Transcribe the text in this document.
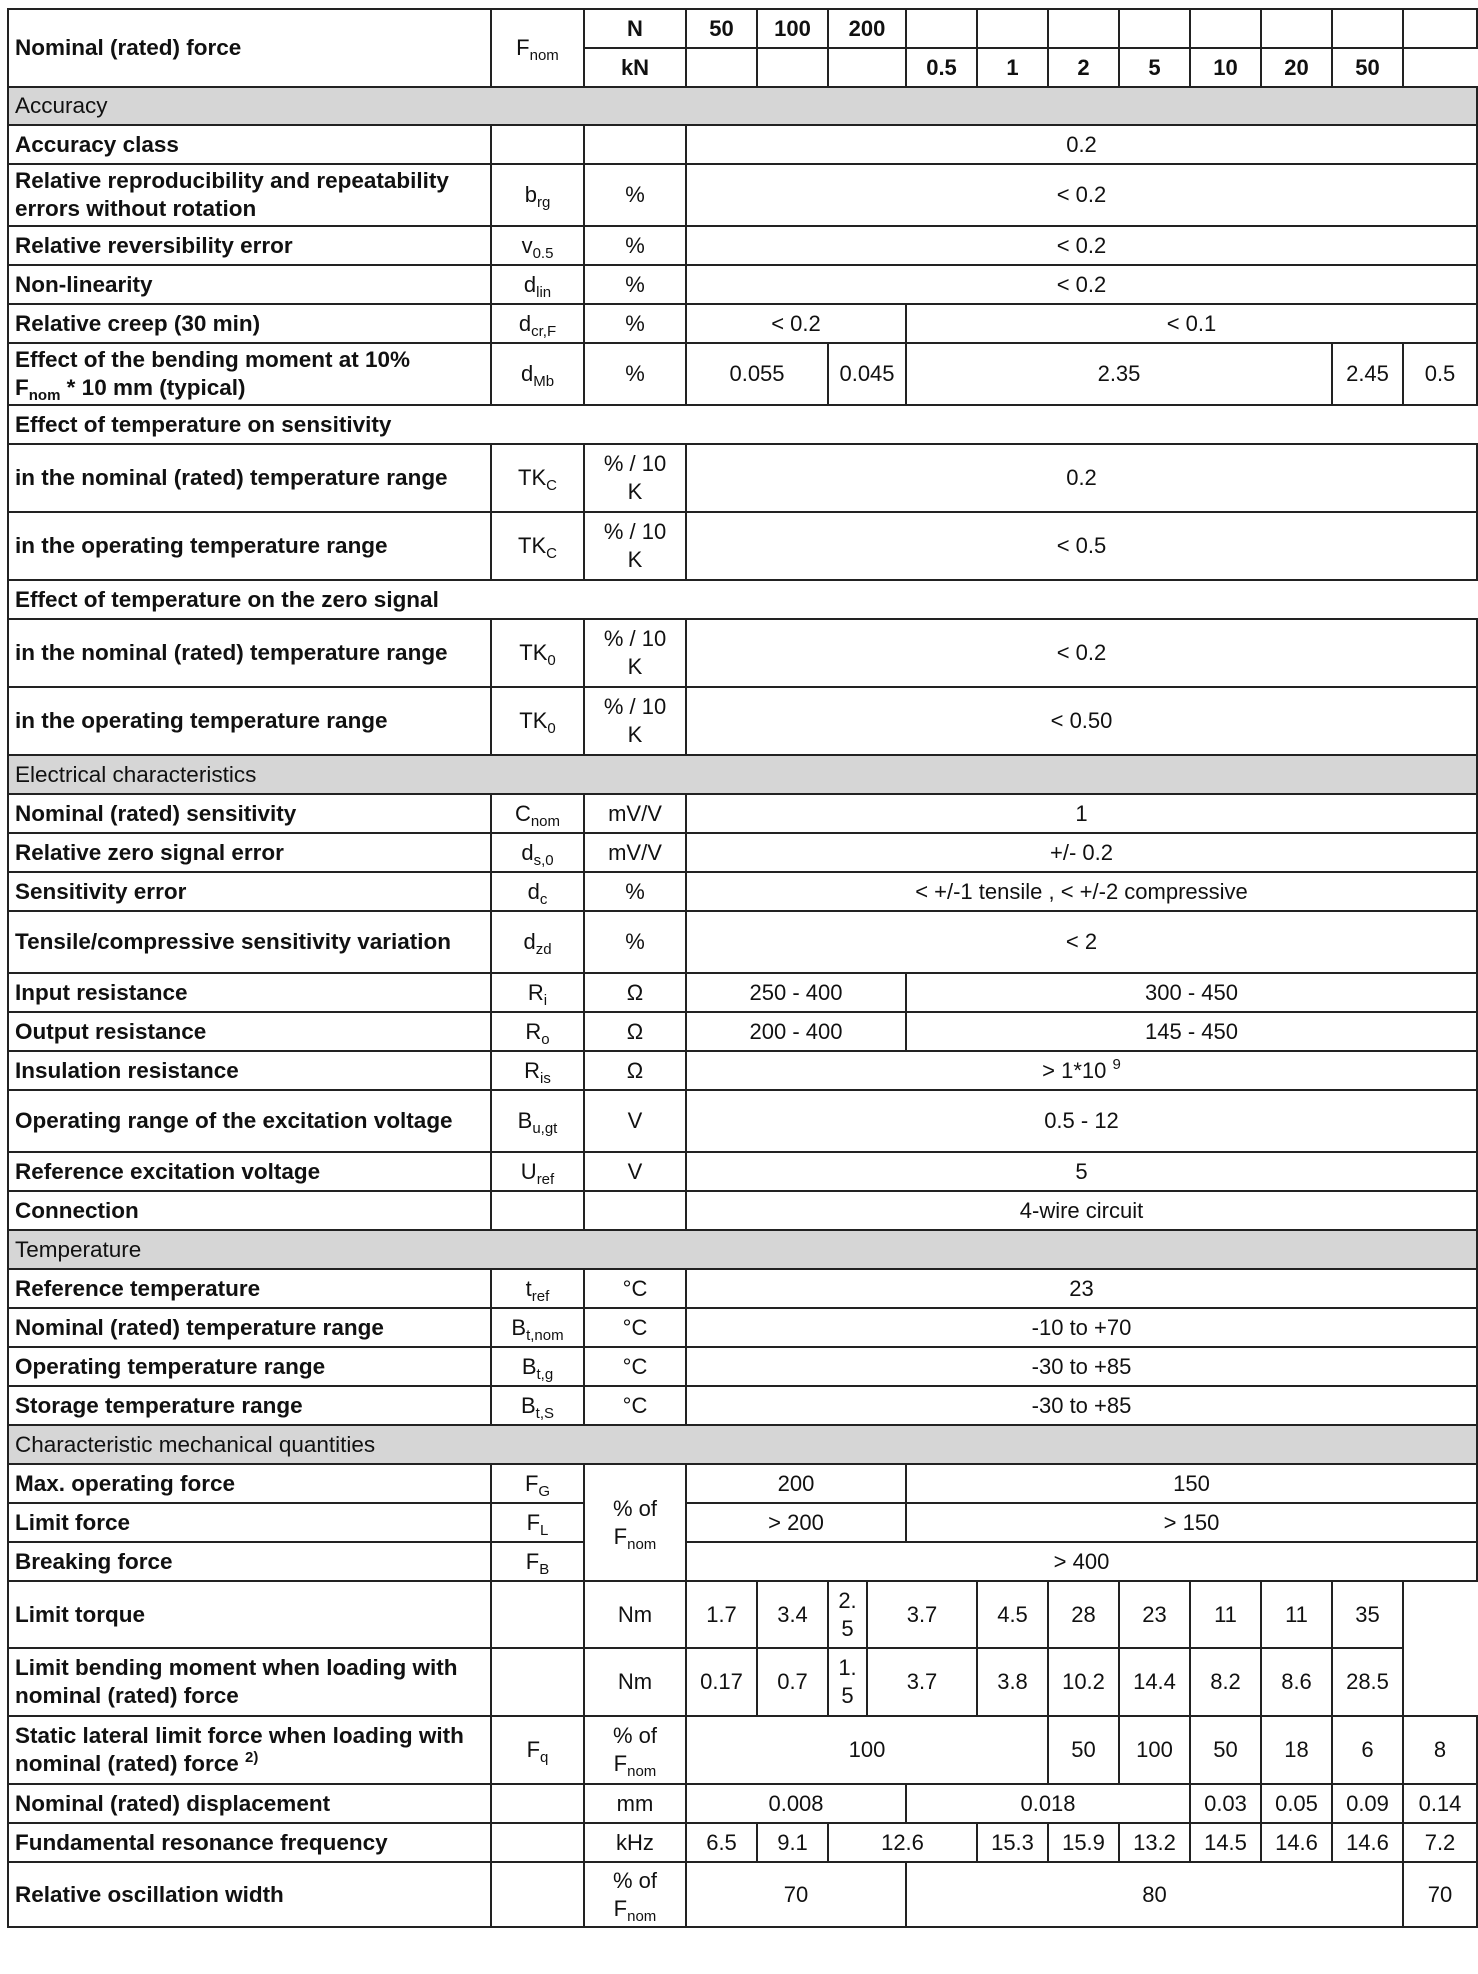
Nominal (rated) force	$F_{nom}$	N	50	100	200									
		kN					0.5	1	2	5	10	20	50	
Accuracy														
Accuracy class			0.2											
Relative reproducibility and repeatability errors without rotation	$b_{rg}$	%	< 0.2											
Relative reversibility error	$v_{0.5}$	%	< 0.2											
Non-linearity	$d_{lin}$	%	< 0.2											
Relative creep (30 min)	$d_{cr,F}$	%	< 0.2				< 0.1							
Effect of the bending moment at 10%
$F_{nom} * 10$ mm (typical)	$d_{Mb}$	%	0.055		0.045		2.35						2.45	0.5
Effect of temperature on sensitivity														
in the nominal (rated) temperature range	$TK_C$	% / 10
K	0.2											
in the operating temperature range	$TK_C$	% / 10
K	< 0.5											
Effect of temperature on the zero signal														
in the nominal (rated) temperature range	$TK_0$	% / 10
K	< 0.2											
in the operating temperature range	$TK_0$	% / 10
K	< 0.50											
Electrical characteristics														
Nominal (rated) sensitivity	$C_{nom}$	mV/V	1											
Relative zero signal error	$d_{s,0}$	mV/V	+/- 0.2											
Sensitivity error	$d_c$	%	< +/-1 tensile , < +/-2 compressive											
Tensile/compressive sensitivity variation	$d_{zd}$	%	< 2											
Input resistance	$R_i$	Ω	250 - 400				300 - 450							
Output resistance	$R_o$	Ω	200 - 400				145 - 450							
Insulation resistance	$R_{is}$	Ω	> 1*10 $^9$
Operating range of the excitation voltage	$B_{u,gt}$	V	0.5 - 12											
Reference excitation voltage	$U_{ref}$	V	5											
Connection			4-wire circuit											
Temperature														
Reference temperature	$t_{ref}$	°C	23											
Nominal (rated) temperature range	$B_{t,nom}$	°C	-10 to +70											
Operating temperature range	$B_{t,g}$	°C	-30 to +85											
Storage temperature range	$B_{t,S}$	°C	-30 to +85											
Characteristic mechanical quantities														
Max. operating force	$F_G$	% of
$F_{nom}$	200				150							
Limit force	$F_L$		> 200				> 150							
Breaking force	$F_B$		> 400											
Limit torque		Nm	1.7	3.4	2.
5	3.7		4.5	28	23	11	11	35	
Limit bending moment when loading with nominal (rated) force		Nm	0.17	0.7	1.
5	3.7		3.8	10.2	14.4	8.2	8.6	28.5	
Static lateral limit force when loading with nominal (rated) force $^{2)}$	$F_q$	% of
$F_{nom}$	100						50	100	50	18	6	8
Nominal (rated) displacement		mm	0.008				0.018				0.03	0.05	0.09	0.14
Fundamental resonance frequency		kHz	6.5	9.1	12.6			15.3	15.9	13.2	14.5	14.6	14.6	7.2
Relative oscillation width		% of
$F_{nom}$	70				80							70
